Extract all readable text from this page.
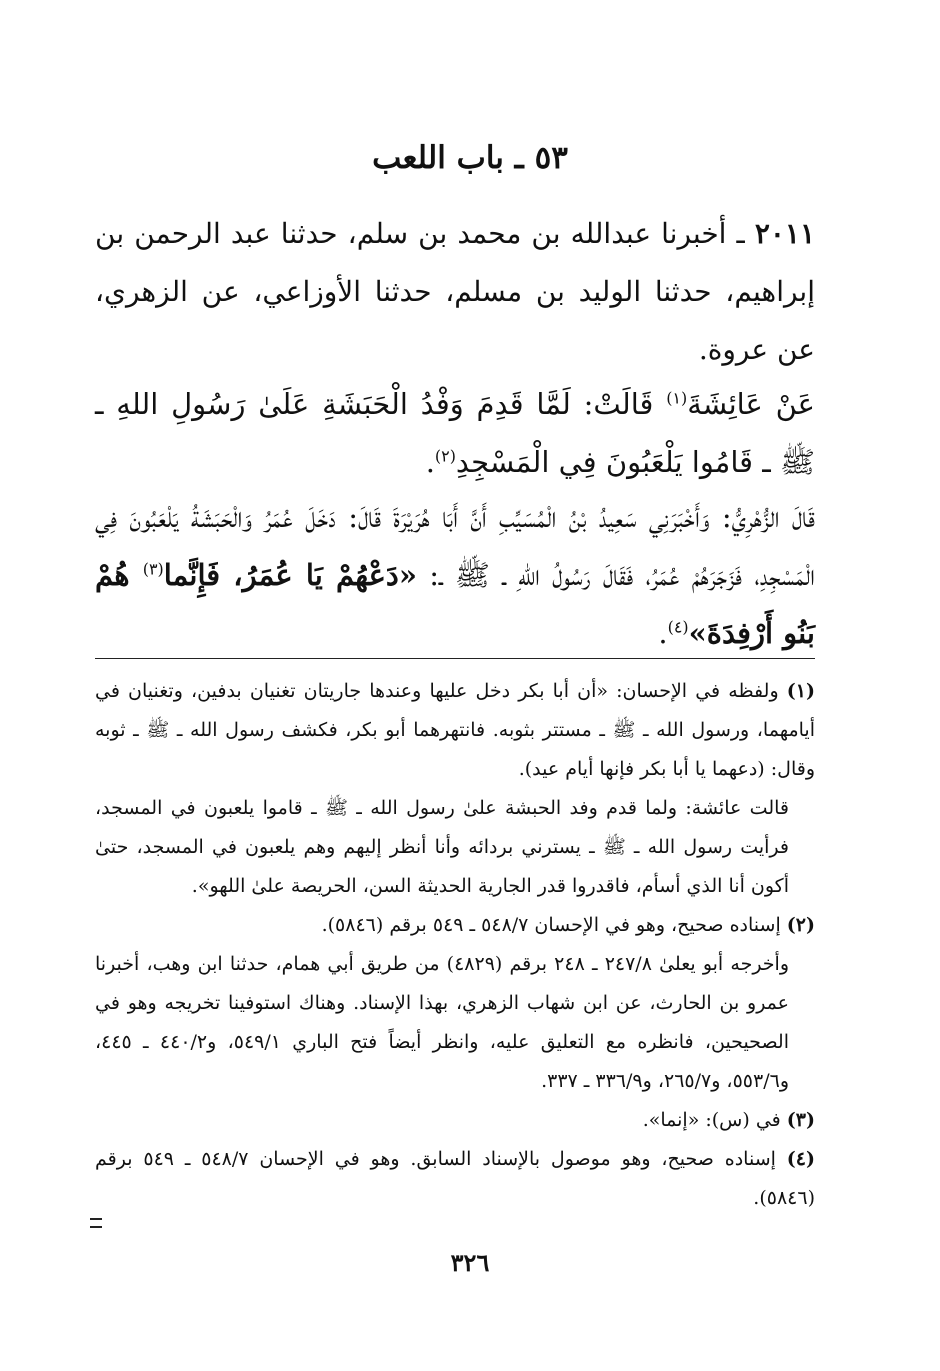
٥٣ ـ باب اللعب
٢٠١١ ـ أخبرنا عبدالله بن محمد بن سلم، حدثنا عبد الرحمن بن إبراهيم، حدثنا الوليد بن مسلم، حدثنا الأوزاعي، عن الزهري، عن عروة.
عَنْ عَائِشَةَ$^{(١)}$ قَالَتْ: لَمَّا قَدِمَ وَفْدُ الْحَبَشَةِ عَلَىٰ رَسُولِ اللهِ ـ ﷺ ـ قَامُوا يَلْعَبُونَ فِي الْمَسْجِدِ$^{(٢)}$.
قَالَ الزُّهْرِيُّ: وَأَخْبَرَنِي سَعِيدُ بْنُ الْمُسَيِّبِ أَنَّ أَبَا هُرَيْرَةَ قَالَ: دَخَلَ عُمَرُ وَالْحَبَشَةُ يَلْعَبُونَ فِي الْمَسْجِدِ، فَزَجَرَهُمْ عُمَرُ، فَقَالَ رَسُولُ اللهِ ـ ﷺ ـ: «دَعْهُمْ يَا عُمَرُ، فَإِنَّما$^{(٣)}$ هُمْ بَنُو أَرْفِدَةَ»$^{(٤)}$.

(١) ولفظه في الإحسان: «أن أبا بكر دخل عليها وعندها جاريتان تغنيان بدفين، وتغنيان في أيامهما، ورسول الله ـ ﷺ ـ مستتر بثوبه. فانتهرهما أبو بكر، فكشف رسول الله ـ ﷺ ـ ثوبه وقال: (دعهما يا أبا بكر فإنها أيام عيد).

قالت عائشة: ولما قدم وفد الحبشة علىٰ رسول الله ـ ﷺ ـ قاموا يلعبون في المسجد، فرأيت رسول الله ـ ﷺ ـ يسترني بردائه وأنا أنظر إليهم وهم يلعبون في المسجد، حتىٰ أكون أنا الذي أسأم، فاقدروا قدر الجارية الحديثة السن، الحريصة علىٰ اللهو».

(٢) إسناده صحيح، وهو في الإحسان ٥٤٨/٧ ـ ٥٤٩ برقم (٥٨٤٦).

وأخرجه أبو يعلىٰ ٢٤٧/٨ ـ ٢٤٨ برقم (٤٨٢٩) من طريق أبي همام، حدثنا ابن وهب، أخبرنا عمرو بن الحارث، عن ابن شهاب الزهري، بهذا الإسناد. وهناك استوفينا تخريجه وهو في الصحيحين، فانظره مع التعليق عليه، وانظر أيضاً فتح الباري ٥٤٩/١، و٤٤٠/٢ ـ ٤٤٥، و٥٥٣/٦، و٢٦٥/٧، و٣٣٦/٩ ـ ٣٣٧.

(٣) في (س): «إنما».

(٤) إسناده صحيح، وهو موصول بالإسناد السابق. وهو في الإحسان ٥٤٨/٧ ـ ٥٤٩ برقم (٥٨٤٦).

٣٢٦
